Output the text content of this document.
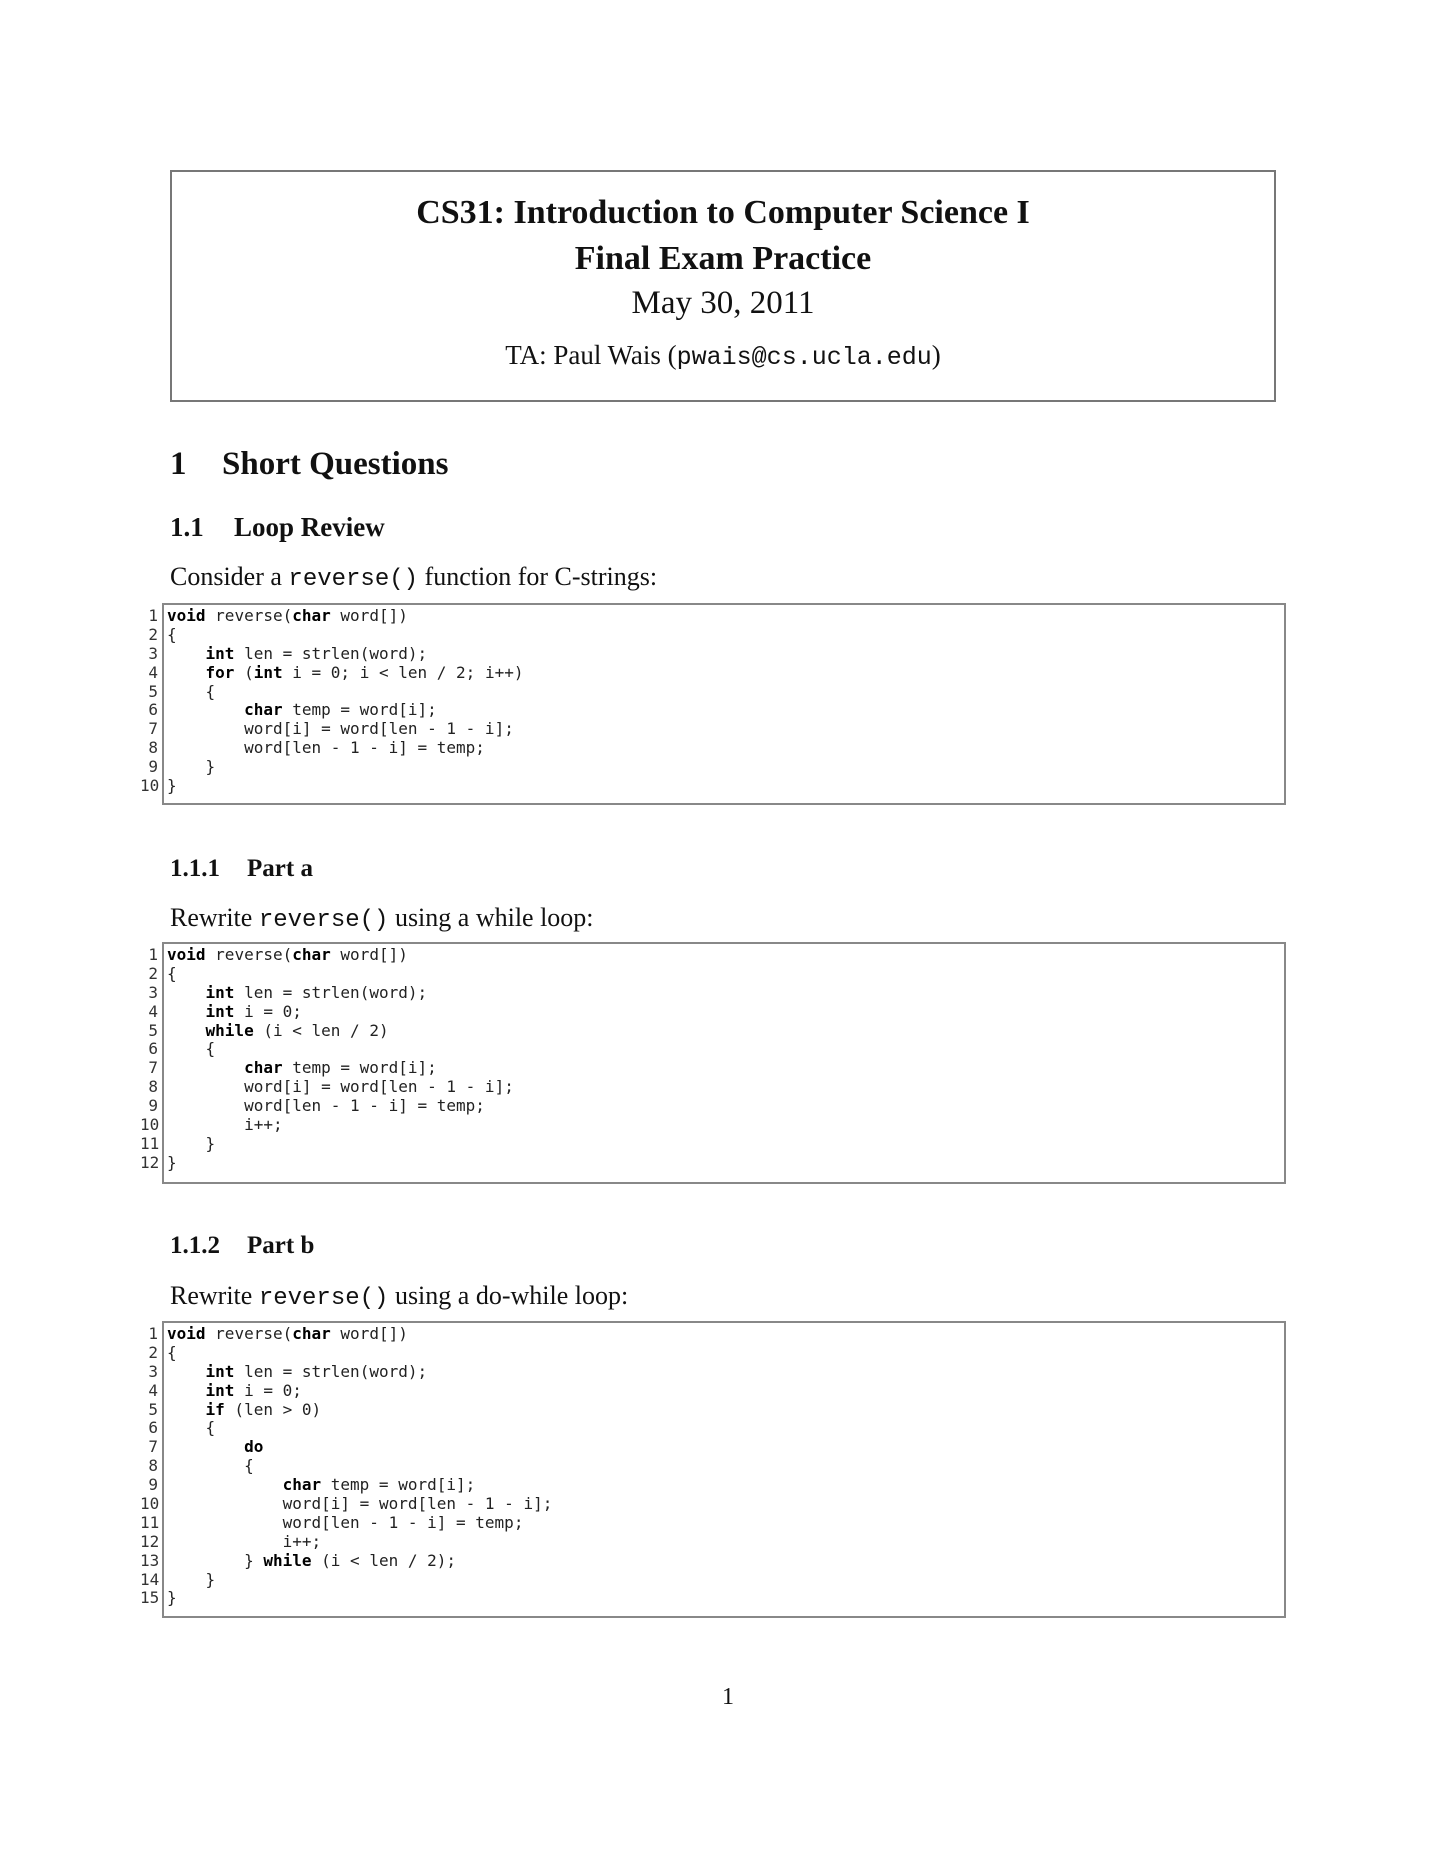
CS31: Introduction to Computer Science I
Final Exam Practice
May 30, 2011
TA: Paul Wais (pwais@cs.ucla.edu)
1 Short Questions
1.1 Loop Review
Consider a reverse() function for C-strings:
1 void reverse(char word[])
2 {
3	int len = strlen(word);
4	for (int i = 0; i < len / 2; i++)
5 {
6	char temp = word[i];
7	word[i] = word[len - 1 - i];
8	word[len - 1 - i] = temp;
9 }
10 }
1.1.1 Part a
Rewrite reverse() using a while loop:
1 void reverse(char word[])
2 {
3	int len = strlen(word);
4	int i = 0;
5	while (i < len / 2)
6 {
7	char temp = word[i];
8	word[i] = word[len - 1 - i];
9	word[len - 1 - i] = temp;
10	i++;
11 }
12 }
1.1.2 Part b
Rewrite reverse() using a do-while loop:
1 void reverse(char word[])
2 {
3	int len = strlen(word);
4	int i = 0;
5	if (len > 0)
6 {
7	do
8 {
9	char temp = word[i];
10	word[i] = word[len - 1 - i];
11	word[len - 1 - i] = temp;
12	i++;
13 } while (i < len / 2);
14 }
15 }
1
